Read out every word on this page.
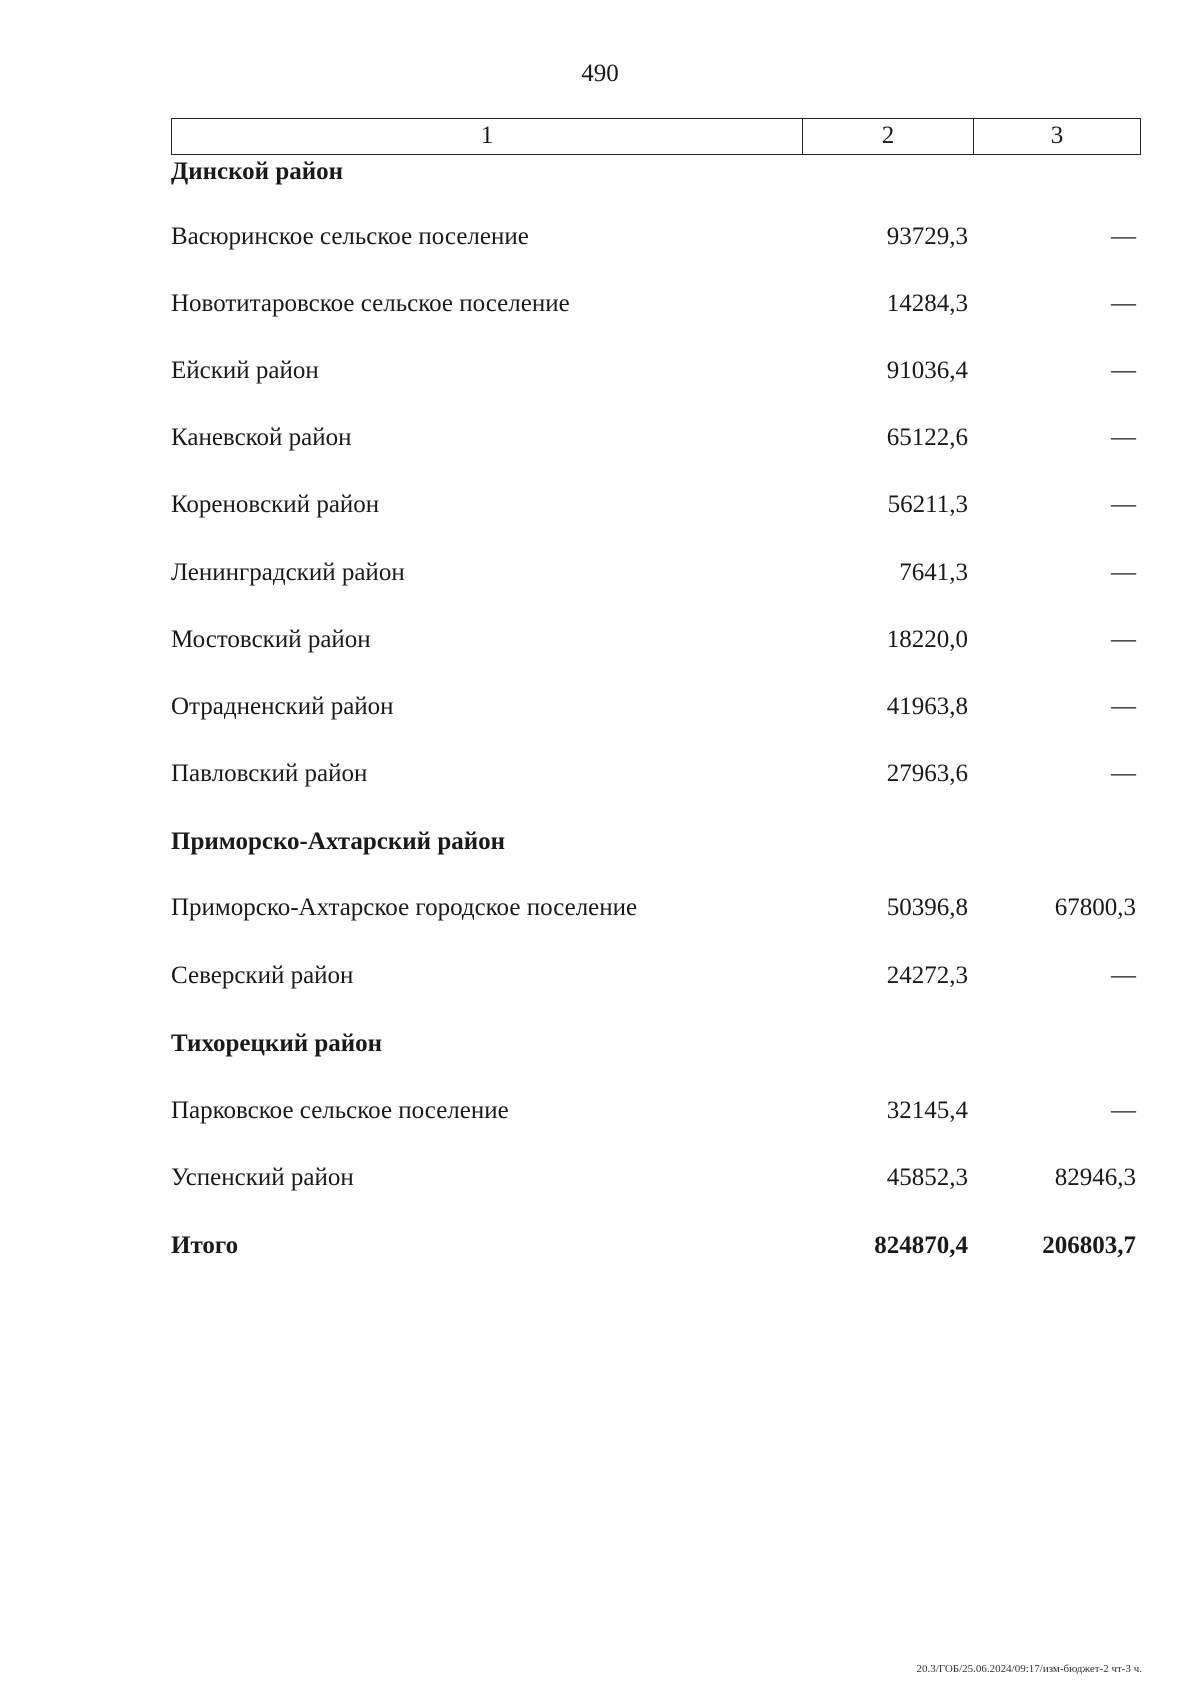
490
1	2	3
Динской район
Васюринское сельское поселение	93729,3	—
Новотитаровское сельское поселение	14284,3	—
Ейский район	91036,4	—
Каневской район	65122,6	—
Кореновский район	56211,3	—
Ленинградский район	7641,3	—
Мостовский район	18220,0	—
Отрадненский район	41963,8	—
Павловский район	27963,6	—
Приморско-Ахтарский район
Приморско-Ахтарское городское поселение	50396,8	67800,3
Северский район	24272,3	—
Тихорецкий район
Парковское сельское поселение	32145,4	—
Успенский район	45852,3	82946,3
Итого	824870,4	206803,7
20.3/ГОБ/25.06.2024/09:17/изм-бюджет-2 чт-3 ч.
